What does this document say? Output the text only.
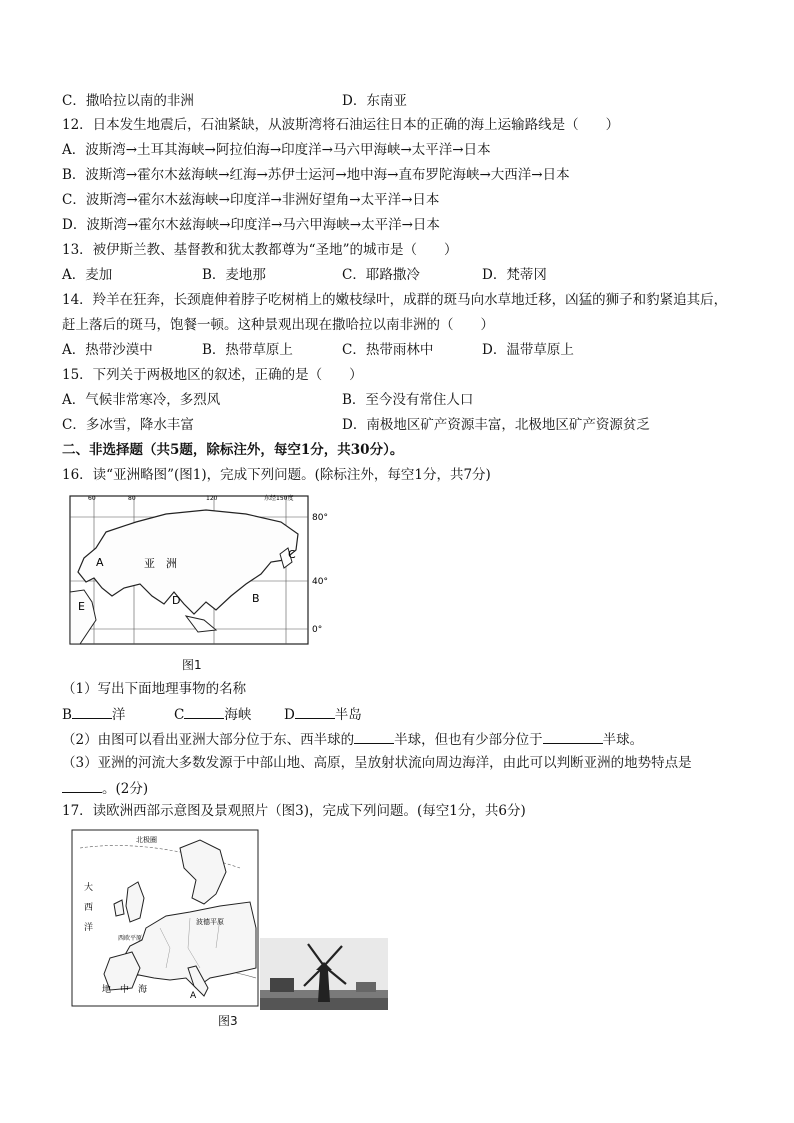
C．撒哈拉以南的非洲	D．东南亚
12．日本发生地震后，石油紧缺，从波斯湾将石油运往日本的正确的海上运输路线是（　　）
A．波斯湾→土耳其海峡→阿拉伯海→印度洋→马六甲海峡→太平洋→日本
B．波斯湾→霍尔木兹海峡→红海→苏伊士运河→地中海→直布罗陀海峡→大西洋→日本
C．波斯湾→霍尔木兹海峡→印度洋→非洲好望角→太平洋→日本
D．波斯湾→霍尔木兹海峡→印度洋→马六甲海峡→太平洋→日本
13．被伊斯兰教、基督教和犹太教都尊为“圣地”的城市是（　　）
A．麦加	B．麦地那	C．耶路撒冷	D．梵蒂冈
14．羚羊在狂奔，长颈鹿伸着脖子吃树梢上的嫩枝绿叶，成群的斑马向水草地迁移，凶猛的狮子和豹紧追其后，
赶上落后的斑马，饱餐一顿。这种景观出现在撒哈拉以南非洲的（　　）
A．热带沙漠中	B．热带草原上	C．热带雨林中	D．温带草原上
15．下列关于两极地区的叙述，正确的是（　　）
A．气候非常寒冷，多烈风	B．至今没有常住人口
C．多冰雪，降水丰富	D．南极地区矿产资源丰富，北极地区矿产资源贫乏
二、非选择题（共5题，除标注外，每空1分，共30分）。
16．读“亚洲略图”(图1)，完成下列问题。(除标注外，每空1分，共7分)
60	80	120	东经150度
80°
40°
0°
亚　洲
A
B
C
D
E
图1
（1）写出下面地理事物的名称
B	洋	C	海峡 D	半岛
（2）由图可以看出亚洲大部分位于东、西半球的	半球，但也有少部分位于	半球。
（3）亚洲的河流大多数发源于中部山地、高原，呈放射状流向周边海洋，由此可以判断亚洲的地势特点是
。(2分)
17．读欧洲西部示意图及景观照片（图3)，完成下列问题。(每空1分，共6分)
北极圈
大
西
洋
波德平原
西欧平原
地　中　海
A
图3
